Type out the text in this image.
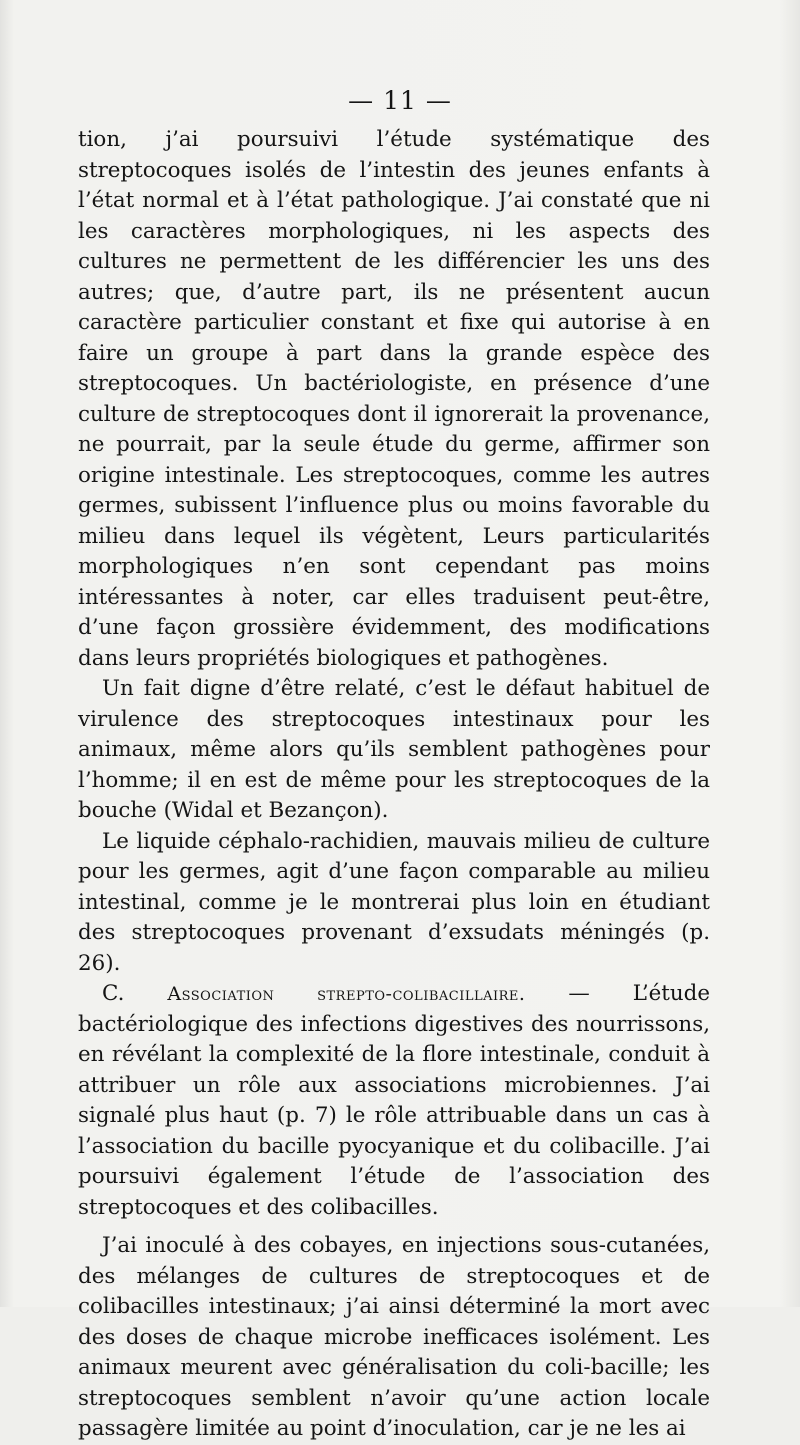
— 11 —

tion, j’ai poursuivi l’étude systématique des streptocoques isolés de l’intestin des jeunes enfants à l’état normal et à l’état pathologique. J’ai constaté que ni les caractères morphologiques, ni les aspects des cultures ne permettent de les différencier les uns des autres; que, d’autre part, ils ne présentent aucun caractère particulier constant et fixe qui autorise à en faire un groupe à part dans la grande espèce des streptocoques. Un bactériologiste, en présence d’une culture de streptocoques dont il ignorerait la provenance, ne pourrait, par la seule étude du germe, affirmer son origine intestinale. Les streptocoques, comme les autres germes, subissent l’influence plus ou moins favorable du milieu dans lequel ils végètent, Leurs particularités morphologiques n’en sont cependant pas moins intéressantes à noter, car elles traduisent peut-être, d’une façon grossière évidemment, des modifications dans leurs propriétés biologiques et pathogènes.

Un fait digne d’être relaté, c’est le défaut habituel de virulence des streptocoques intestinaux pour les animaux, même alors qu’ils semblent pathogènes pour l’homme; il en est de même pour les streptocoques de la bouche (Widal et Bezançon).

Le liquide céphalo-rachidien, mauvais milieu de culture pour les germes, agit d’une façon comparable au milieu intestinal, comme je le montrerai plus loin en étudiant des streptocoques provenant d’exsudats méningés (p. 26).

C. Association strepto-colibacillaire. — L’étude bactériologique des infections digestives des nourrissons, en révélant la complexité de la flore intestinale, conduit à attribuer un rôle aux associations microbiennes. J’ai signalé plus haut (p. 7) le rôle attribuable dans un cas à l’association du bacille pyocyanique et du colibacille. J’ai poursuivi également l’étude de l’association des streptocoques et des colibacilles.

J’ai inoculé à des cobayes, en injections sous-cutanées, des mélanges de cultures de streptocoques et de colibacilles intestinaux; j’ai ainsi déterminé la mort avec des doses de chaque microbe inefficaces isolément. Les animaux meurent avec généralisation du coli-bacille; les streptocoques semblent n’avoir qu’une action locale passagère limitée au point d’inoculation, car je ne les ai
